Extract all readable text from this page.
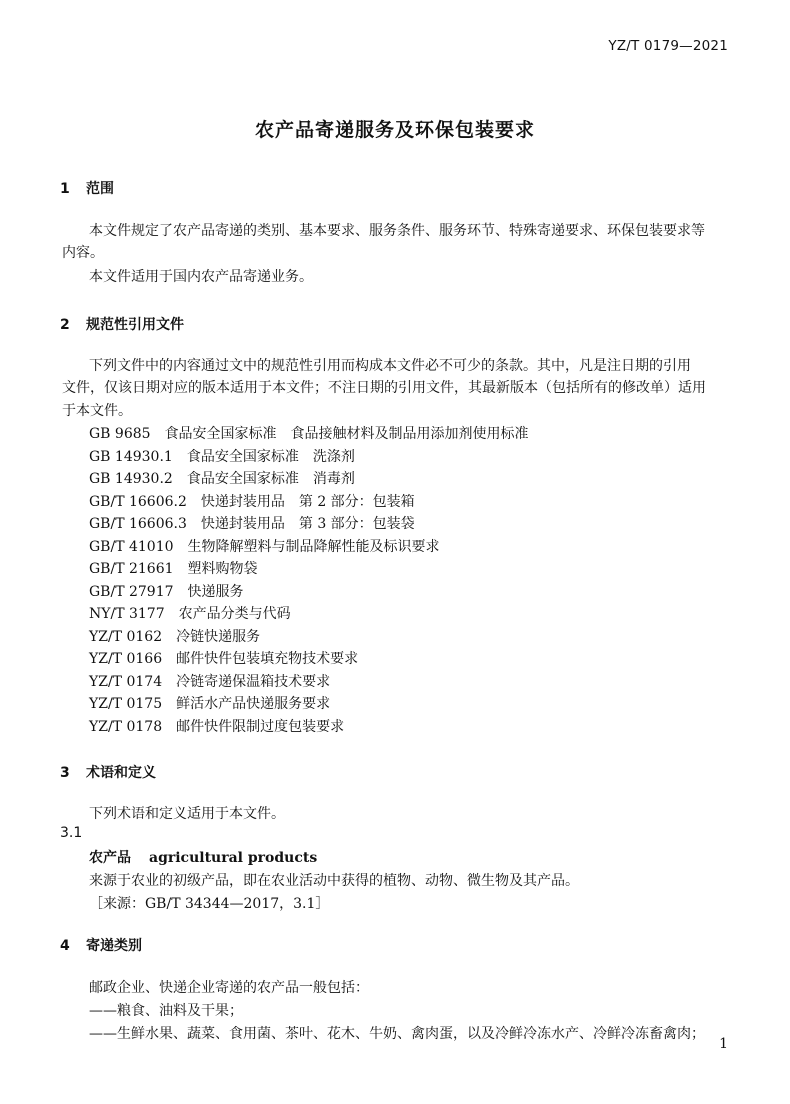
YZ/T 0179—2021
农产品寄递服务及环保包装要求
1 范围
本文件规定了农产品寄递的类别、基本要求、服务条件、服务环节、特殊寄递要求、环保包装要求等
内容。
本文件适用于国内农产品寄递业务。
2 规范性引用文件
下列文件中的内容通过文中的规范性引用而构成本文件必不可少的条款。其中，凡是注日期的引用
文件，仅该日期对应的版本适用于本文件；不注日期的引用文件，其最新版本（包括所有的修改单）适用
于本文件。
GB 9685 食品安全国家标准　食品接触材料及制品用添加剂使用标准
GB 14930.1 食品安全国家标准　洗涤剂
GB 14930.2 食品安全国家标准　消毒剂
GB/T 16606.2 快递封装用品　第 2 部分：包装箱
GB/T 16606.3 快递封装用品　第 3 部分：包装袋
GB/T 41010 生物降解塑料与制品降解性能及标识要求
GB/T 21661 塑料购物袋
GB/T 27917 快递服务
NY/T 3177 农产品分类与代码
YZ/T 0162 冷链快递服务
YZ/T 0166 邮件快件包装填充物技术要求
YZ/T 0174 冷链寄递保温箱技术要求
YZ/T 0175 鲜活水产品快递服务要求
YZ/T 0178 邮件快件限制过度包装要求
3 术语和定义
下列术语和定义适用于本文件。
3.1
农产品 agricultural products
来源于农业的初级产品，即在农业活动中获得的植物、动物、微生物及其产品。
［来源：GB/T 34344—2017，3.1］
4 寄递类别
邮政企业、快递企业寄递的农产品一般包括：
——粮食、油料及干果；
——生鲜水果、蔬菜、食用菌、茶叶、花木、牛奶、禽肉蛋，以及冷鲜冷冻水产、冷鲜冷冻畜禽肉；
1
